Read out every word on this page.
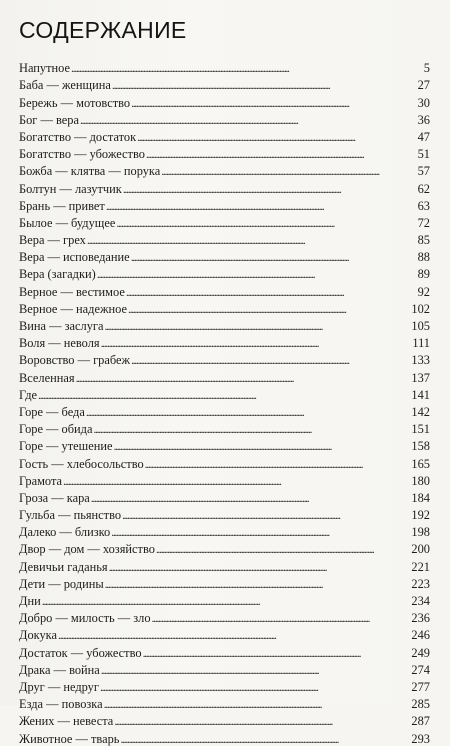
СОДЕРЖАНИЕ
Напутное . . .	5
Баба — женщина . . .	27
Бережь — мотовство . . .	30
Бог — вера . . .	36
Богатство — достаток . . .	47
Богатство — убожество . . .	51
Божба — клятва — порука . . .	57
Болтун — лазутчик . . .	62
Брань — привет . . .	63
Былое — будущее . . .	72
Вера — грех . . .	85
Вера — исповедание . . .	88
Вера (загадки) . . .	89
Верное — вестимое . . .	92
Верное — надежное . . .	102
Вина — заслуга . . .	105
Воля — неволя . . .	111
Воровство — грабеж . . .	133
Вселенная . . .	137
Где . . .	141
Горе — беда . . .	142
Горе — обида . . .	151
Горе — утешение . . .	158
Гость — хлебосольство . . .	165
Грамота . . .	180
Гроза — кара . . .	184
Гульба — пьянство . . .	192
Далеко — близко . . .	198
Двор — дом — хозяйство . . .	200
Девичьи гаданья . . .	221
Дети — родины . . .	223
Дни . . .	234
Добро — милость — зло . . .	236
Докука . . .	246
Достаток — убожество . . .	249
Драка — война . . .	274
Друг — недруг . . .	277
Езда — повозка . . .	285
Жених — невеста . . .	287
Животное — тварь . . .	293
